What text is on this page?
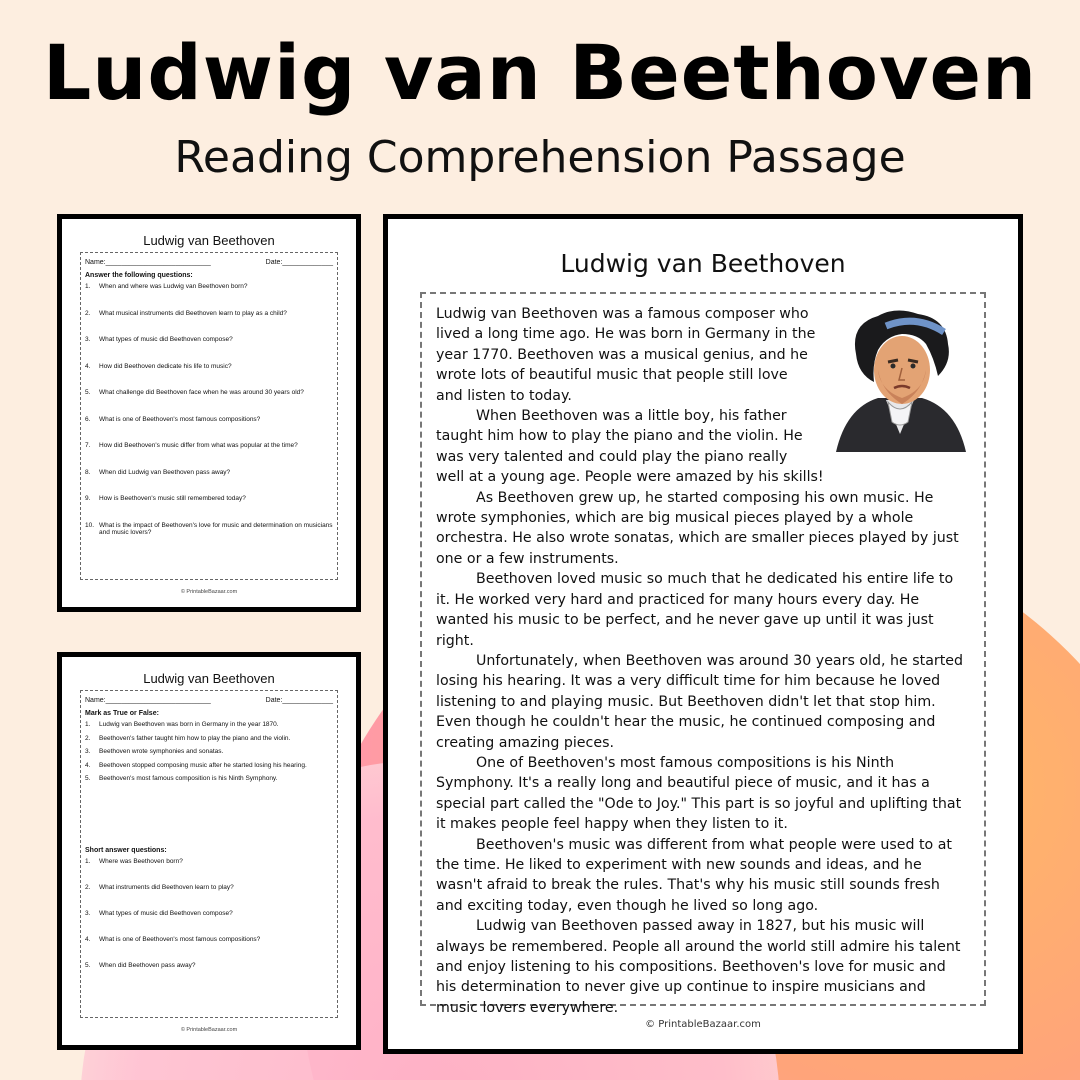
Ludwig van Beethoven
Reading Comprehension Passage
Ludwig van Beethoven
Name:___________________________	Date:_____________
Answer the following questions:
1.	When and where was Ludwig van Beethoven born?
2.	What musical instruments did Beethoven learn to play as a child?
3.	What types of music did Beethoven compose?
4.	How did Beethoven dedicate his life to music?
5.	What challenge did Beethoven face when he was around 30 years old?
6.	What is one of Beethoven's most famous compositions?
7.	How did Beethoven's music differ from what was popular at the time?
8.	When did Ludwig van Beethoven pass away?
9.	How is Beethoven's music still remembered today?
10. What is the impact of Beethoven's love for music and determination on musicians and music lovers?
© PrintableBazaar.com
Ludwig van Beethoven
Name:___________________________	Date:_____________
Mark as True or False:
1.	Ludwig van Beethoven was born in Germany in the year 1870.
2.	Beethoven's father taught him how to play the piano and the violin.
3.	Beethoven wrote symphonies and sonatas.
4.	Beethoven stopped composing music after he started losing his hearing.
5.	Beethoven's most famous composition is his Ninth Symphony.
Short answer questions:
1.	Where was Beethoven born?
2.	What instruments did Beethoven learn to play?
3.	What types of music did Beethoven compose?
4.	What is one of Beethoven's most famous compositions?
5.	When did Beethoven pass away?
© PrintableBazaar.com
Ludwig van Beethoven

Ludwig van Beethoven was a famous composer who lived a long time ago. He was born in Germany in the year 1770. Beethoven was a musical genius, and he wrote lots of beautiful music that people still love and listen to today.

When Beethoven was a little boy, his father taught him how to play the piano and the violin. He was very talented and could play the piano really well at a young age. People were amazed by his skills!

As Beethoven grew up, he started composing his own music. He wrote symphonies, which are big musical pieces played by a whole orchestra. He also wrote sonatas, which are smaller pieces played by just one or a few instruments.

Beethoven loved music so much that he dedicated his entire life to it. He worked very hard and practiced for many hours every day. He wanted his music to be perfect, and he never gave up until it was just right.

Unfortunately, when Beethoven was around 30 years old, he started losing his hearing. It was a very difficult time for him because he loved listening to and playing music. But Beethoven didn't let that stop him. Even though he couldn't hear the music, he continued composing and creating amazing pieces.

One of Beethoven's most famous compositions is his Ninth Symphony. It's a really long and beautiful piece of music, and it has a special part called the "Ode to Joy." This part is so joyful and uplifting that it makes people feel happy when they listen to it.

Beethoven's music was different from what people were used to at the time. He liked to experiment with new sounds and ideas, and he wasn't afraid to break the rules. That's why his music still sounds fresh and exciting today, even though he lived so long ago.

Ludwig van Beethoven passed away in 1827, but his music will always be remembered. People all around the world still admire his talent and enjoy listening to his compositions. Beethoven's love for music and his determination to never give up continue to inspire musicians and music lovers everywhere.

© PrintableBazaar.com
